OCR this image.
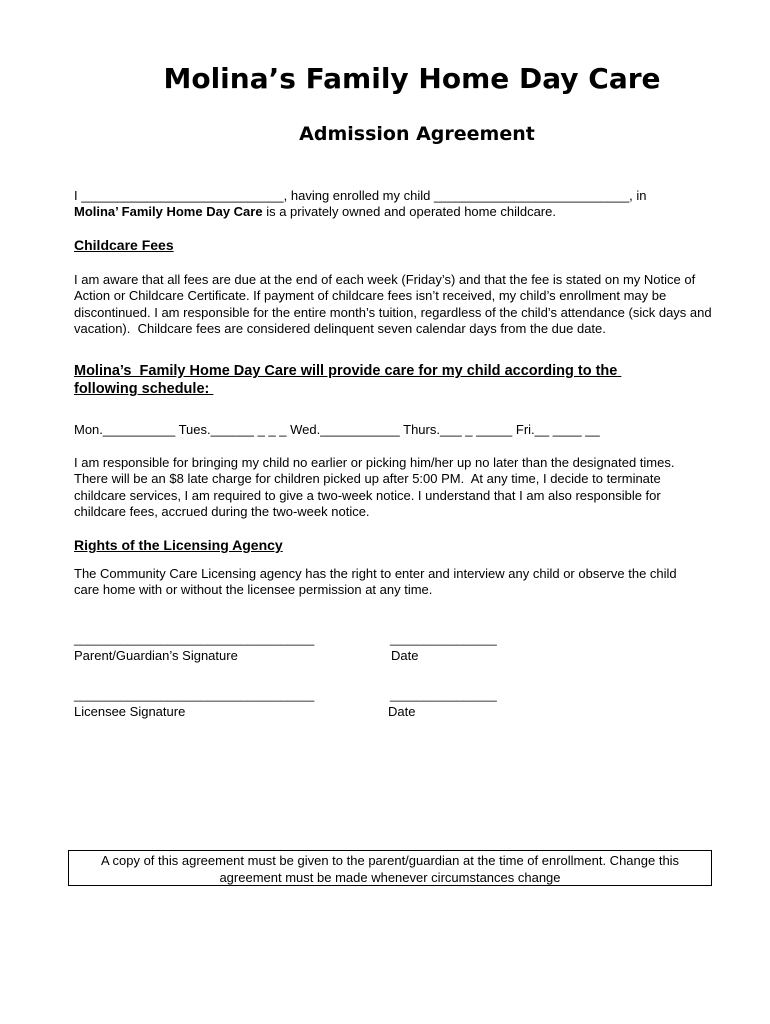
Molina’s Family Home Day Care
Admission Agreement
I ____________________________, having enrolled my child ___________________________, in
Molina’ Family Home Day Care is a privately owned and operated home childcare.
Childcare Fees
I am aware that all fees are due at the end of each week (Friday’s) and that the fee is stated on my Notice of Action or Childcare Certificate. If payment of childcare fees isn’t received, my child’s enrollment may be discontinued. I am responsible for the entire month’s tuition, regardless of the child’s attendance (sick days and vacation).  Childcare fees are considered delinquent seven calendar days from the due date.
Molina’s  Family Home Day Care will provide care for my child according to the following schedule:
Mon.__________ Tues.______ _ _ _ Wed.___________ Thurs.___ _ _____ Fri.__ ____ __
I am responsible for bringing my child no earlier or picking him/her up no later than the designated times. There will be an $8 late charge for children picked up after 5:00 PM.  At any time, I decide to terminate childcare services, I am required to give a two-week notice. I understand that I am also responsible for childcare fees, accrued during the two-week notice.
Rights of the Licensing Agency
The Community Care Licensing agency has the right to enter and interview any child or observe the child care home with or without the licensee permission at any time.
____________________________________	________________
Parent/Guardian’s Signature	Date
____________________________________	________________
Licensee Signature	Date
A copy of this agreement must be given to the parent/guardian at the time of enrollment. Change this agreement must be made whenever circumstances change
